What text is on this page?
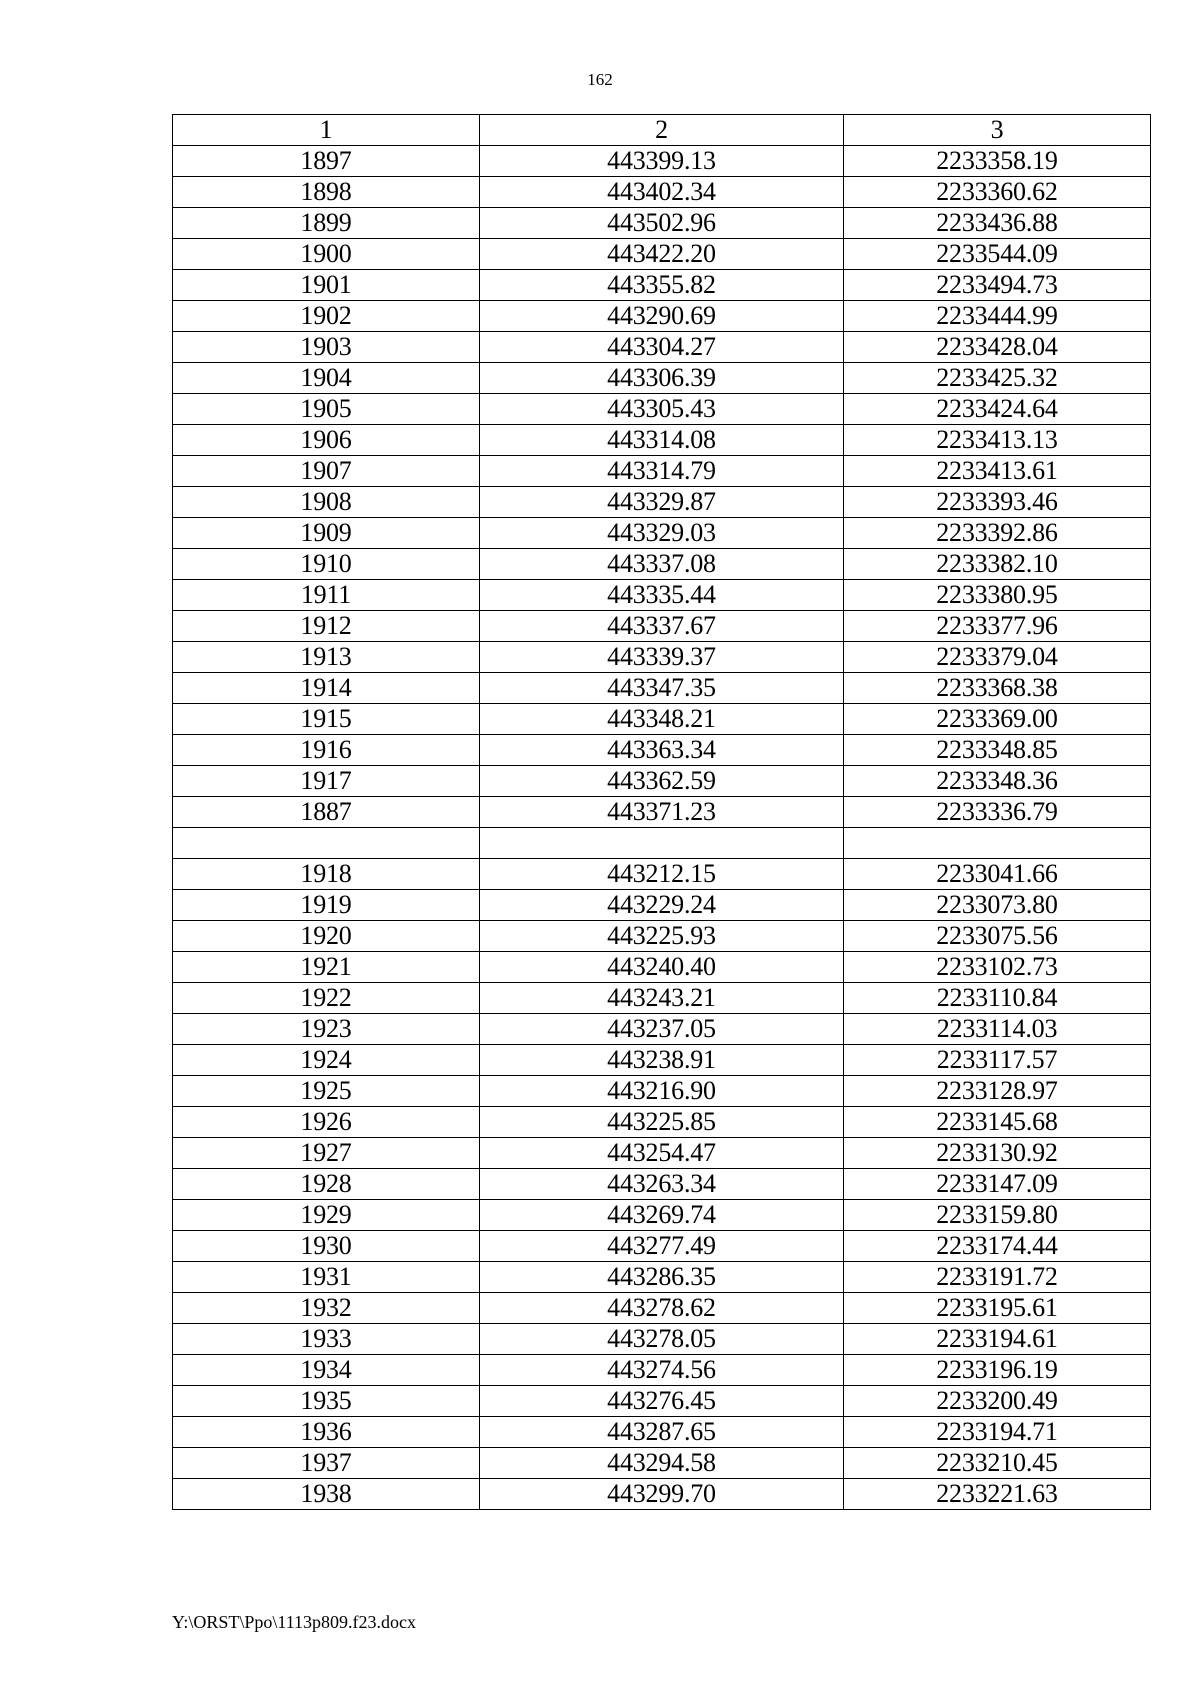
162
1	2	3
1897	443399.13	2233358.19
1898	443402.34	2233360.62
1899	443502.96	2233436.88
1900	443422.20	2233544.09
1901	443355.82	2233494.73
1902	443290.69	2233444.99
1903	443304.27	2233428.04
1904	443306.39	2233425.32
1905	443305.43	2233424.64
1906	443314.08	2233413.13
1907	443314.79	2233413.61
1908	443329.87	2233393.46
1909	443329.03	2233392.86
1910	443337.08	2233382.10
1911	443335.44	2233380.95
1912	443337.67	2233377.96
1913	443339.37	2233379.04
1914	443347.35	2233368.38
1915	443348.21	2233369.00
1916	443363.34	2233348.85
1917	443362.59	2233348.36
1887	443371.23	2233336.79

1918	443212.15	2233041.66
1919	443229.24	2233073.80
1920	443225.93	2233075.56
1921	443240.40	2233102.73
1922	443243.21	2233110.84
1923	443237.05	2233114.03
1924	443238.91	2233117.57
1925	443216.90	2233128.97
1926	443225.85	2233145.68
1927	443254.47	2233130.92
1928	443263.34	2233147.09
1929	443269.74	2233159.80
1930	443277.49	2233174.44
1931	443286.35	2233191.72
1932	443278.62	2233195.61
1933	443278.05	2233194.61
1934	443274.56	2233196.19
1935	443276.45	2233200.49
1936	443287.65	2233194.71
1937	443294.58	2233210.45
1938	443299.70	2233221.63
Y:\ORST\Ppo\1113p809.f23.docx
